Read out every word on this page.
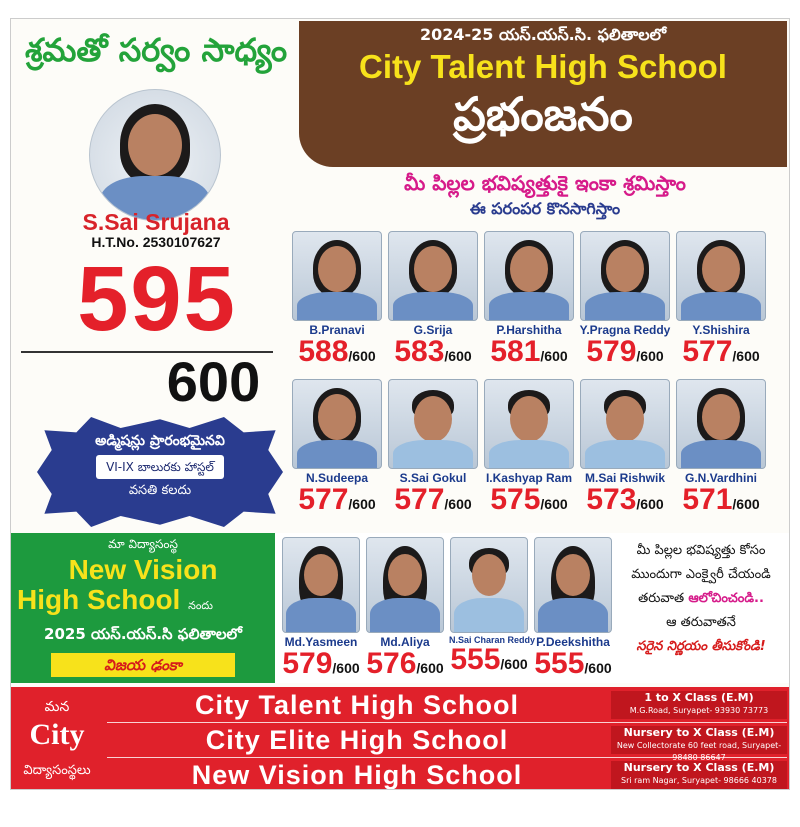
శ్రమతో సర్వం సాధ్యం
S.Sai Srujana
H.T.No. 2530107627
595
600
అడ్మిషన్లు ప్రారంభమైనవి
VI-IX బాలురకు హాస్టల్
వసతి కలదు
2024-25 యస్.యస్.సి. ఫలితాలలో
City Talent High School
ప్రభంజనం
మీ పిల్లల భవిష్యత్తుకై ఇంకా శ్రమిస్తాం
ఈ పరంపర కొనసాగిస్తాం
B.Pranavi
588/600
G.Srija
583/600
P.Harshitha
581/600
Y.Pragna Reddy
579/600
Y.Shishira
577/600
N.Sudeepa
577/600
S.Sai Gokul
577/600
I.Kashyap Ram
575/600
M.Sai Rishwik
573/600
G.N.Vardhini
571/600
మా విద్యాసంస్థ
New Vision
High School నందు
2025 యస్.యస్.సి ఫలితాలలో
విజయ ఢంకా
Md.Yasmeen
579/600
Md.Aliya
576/600
N.Sai Charan Reddy
555/600
P.Deekshitha
555/600
మీ పిల్లల భవిష్యత్తు కోసం
ముందుగా ఎంక్వైరీ చేయండి
తరువాత ఆలోచించండి..
ఆ తరువాతనే
సరైన నిర్ణయం తీసుకోండి!
మన
City
విద్యాసంస్థలు
City Talent High School	1 to X Class (E.M)
M.G.Road, Suryapet- 93930 73773
City Elite High School	Nursery to X Class (E.M)
New Collectorate 60 feet road, Suryapet-
New Vision High School	Nursery to X Class (E.M)
Sri ram Nagar, Suryapet- 98666 40378
